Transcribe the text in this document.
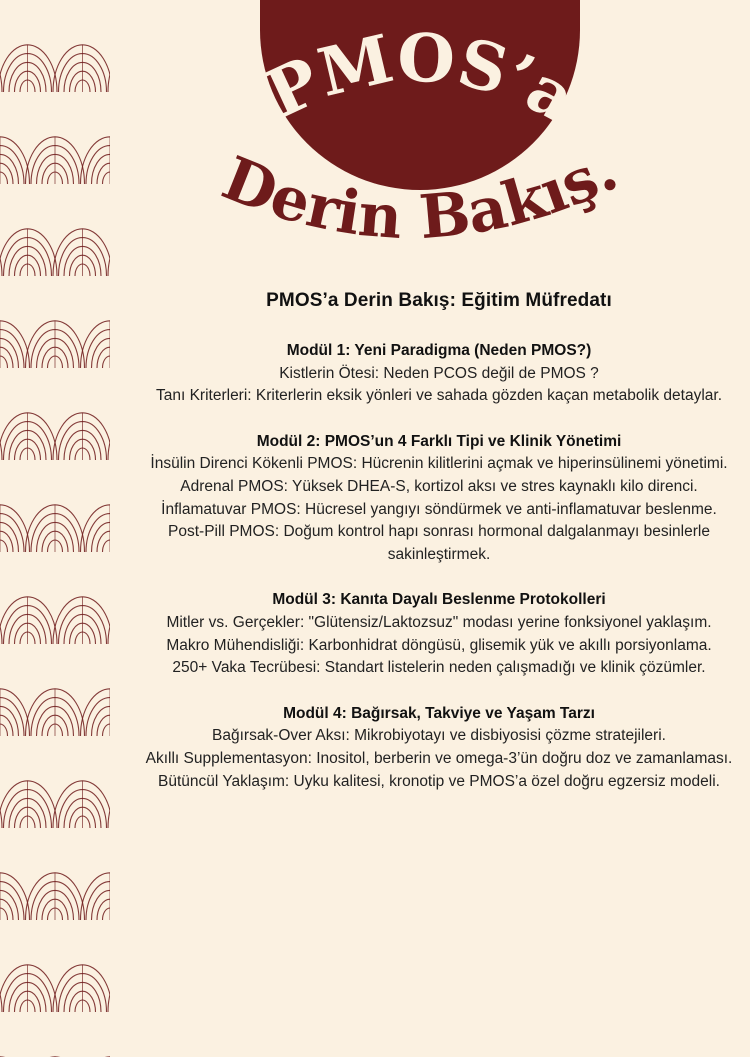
PMOS’a
Derin Bakış.
PMOS’a Derin Bakış: Eğitim Müfredatı
Modül 1: Yeni Paradigma (Neden PMOS?)
Kistlerin Ötesi: Neden PCOS değil de PMOS ?
Tanı Kriterleri: Kriterlerin eksik yönleri ve sahada gözden kaçan metabolik detaylar.
Modül 2: PMOS’un 4 Farklı Tipi ve Klinik Yönetimi
İnsülin Direnci Kökenli PMOS: Hücrenin kilitlerini açmak ve hiperinsülinemi yönetimi.
Adrenal PMOS: Yüksek DHEA-S, kortizol aksı ve stres kaynaklı kilo direnci.
İnflamatuvar PMOS: Hücresel yangıyı söndürmek ve anti-inflamatuvar beslenme.
Post-Pill PMOS: Doğum kontrol hapı sonrası hormonal dalgalanmayı besinlerle sakinleştirmek.
Modül 3: Kanıta Dayalı Beslenme Protokolleri
Mitler vs. Gerçekler: "Glütensiz/Laktozsuz" modası yerine fonksiyonel yaklaşım.
Makro Mühendisliği: Karbonhidrat döngüsü, glisemik yük ve akıllı porsiyonlama.
250+ Vaka Tecrübesi: Standart listelerin neden çalışmadığı ve klinik çözümler.
Modül 4: Bağırsak, Takviye ve Yaşam Tarzı
Bağırsak-Over Aksı: Mikrobiyotayı ve disbiyosisi çözme stratejileri.
Akıllı Supplementasyon: Inositol, berberin ve omega-3’ün doğru doz ve zamanlaması.
Bütüncül Yaklaşım: Uyku kalitesi, kronotip ve PMOS’a özel doğru egzersiz modeli.
